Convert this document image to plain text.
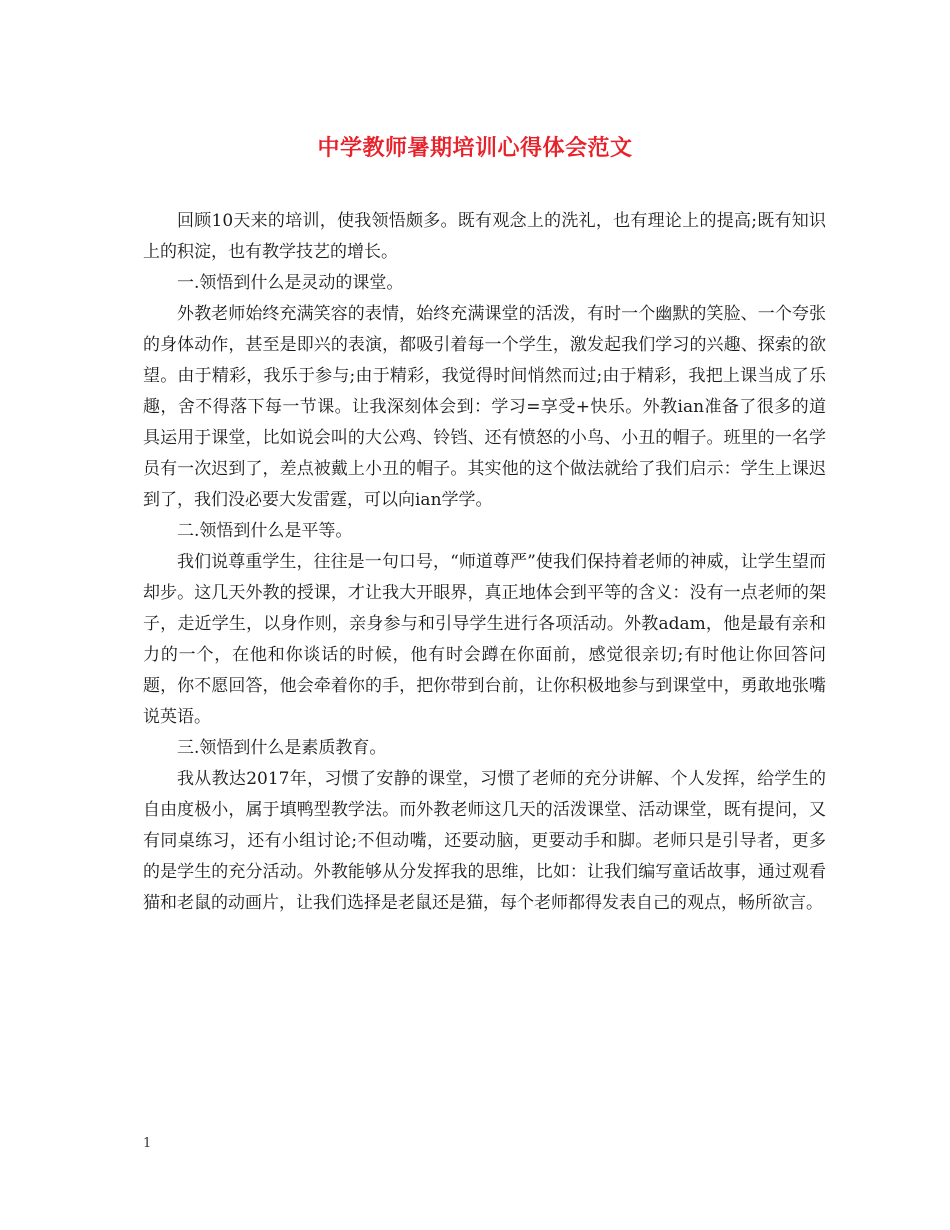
中学教师暑期培训心得体会范文

回顾10天来的培训，使我领悟颇多。既有观念上的洗礼，也有理论上的提高;既有知识上的积淀，也有教学技艺的增长。

一.领悟到什么是灵动的课堂。

外教老师始终充满笑容的表情，始终充满课堂的活泼，有时一个幽默的笑脸、一个夸张的身体动作，甚至是即兴的表演，都吸引着每一个学生，激发起我们学习的兴趣、探索的欲望。由于精彩，我乐于参与;由于精彩，我觉得时间悄然而过;由于精彩，我把上课当成了乐趣，舍不得落下每一节课。让我深刻体会到：学习=享受+快乐。外教ian准备了很多的道具运用于课堂，比如说会叫的大公鸡、铃铛、还有愤怒的小鸟、小丑的帽子。班里的一名学员有一次迟到了，差点被戴上小丑的帽子。其实他的这个做法就给了我们启示：学生上课迟到了，我们没必要大发雷霆，可以向ian学学。

二.领悟到什么是平等。

我们说尊重学生，往往是一句口号，“师道尊严”使我们保持着老师的神威，让学生望而却步。这几天外教的授课，才让我大开眼界，真正地体会到平等的含义：没有一点老师的架子，走近学生，以身作则，亲身参与和引导学生进行各项活动。外教adam，他是最有亲和力的一个，在他和你谈话的时候，他有时会蹲在你面前，感觉很亲切;有时他让你回答问题，你不愿回答，他会牵着你的手，把你带到台前，让你积极地参与到课堂中，勇敢地张嘴说英语。

三.领悟到什么是素质教育。

我从教达2017年，习惯了安静的课堂，习惯了老师的充分讲解、个人发挥，给学生的自由度极小，属于填鸭型教学法。而外教老师这几天的活泼课堂、活动课堂，既有提问，又有同桌练习，还有小组讨论;不但动嘴，还要动脑，更要动手和脚。老师只是引导者，更多的是学生的充分活动。外教能够从分发挥我的思维，比如：让我们编写童话故事，通过观看猫和老鼠的动画片，让我们选择是老鼠还是猫，每个老师都得发表自己的观点，畅所欲言。

1
